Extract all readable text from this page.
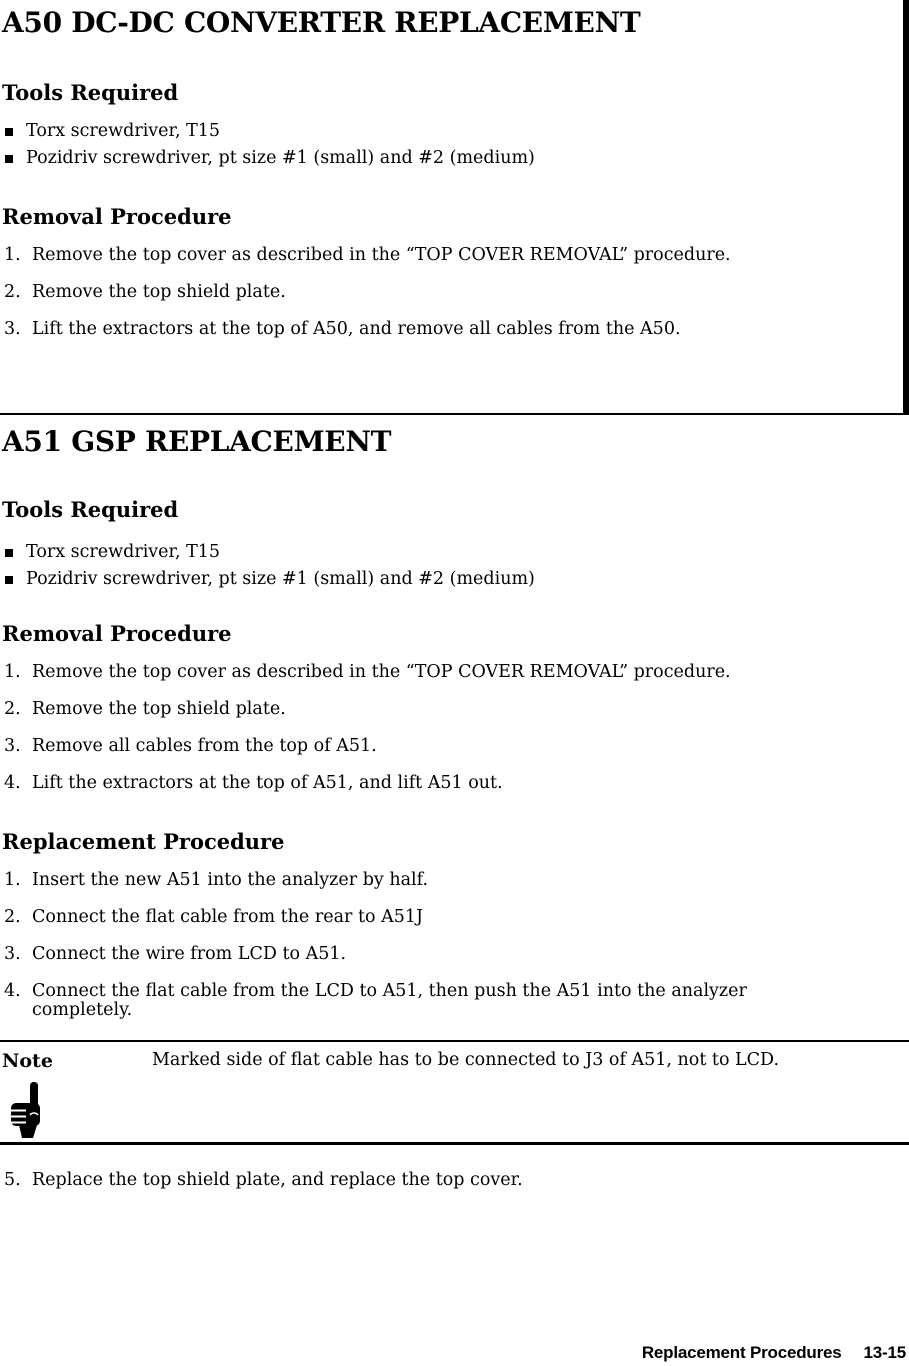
A50 DC-DC CONVERTER REPLACEMENT
Tools Required
Torx screwdriver, T15
Pozidriv screwdriver, pt size #1 (small) and #2 (medium)
Removal Procedure
1. Remove the top cover as described in the “TOP COVER REMOVAL” procedure.
2. Remove the top shield plate.
3. Lift the extractors at the top of A50, and remove all cables from the A50.
A51 GSP REPLACEMENT
Tools Required
Torx screwdriver, T15
Pozidriv screwdriver, pt size #1 (small) and #2 (medium)
Removal Procedure
1. Remove the top cover as described in the “TOP COVER REMOVAL” procedure.
2. Remove the top shield plate.
3. Remove all cables from the top of A51.
4. Lift the extractors at the top of A51, and lift A51 out.
Replacement Procedure
1. Insert the new A51 into the analyzer by half.
2. Connect the flat cable from the rear to A51J
3. Connect the wire from LCD to A51.
4. Connect the flat cable from the LCD to A51, then push the A51 into the analyzer completely.
Note	Marked side of flat cable has to be connected to J3 of A51, not to LCD.
5. Replace the top shield plate, and replace the top cover.
Replacement Procedures 13-15
